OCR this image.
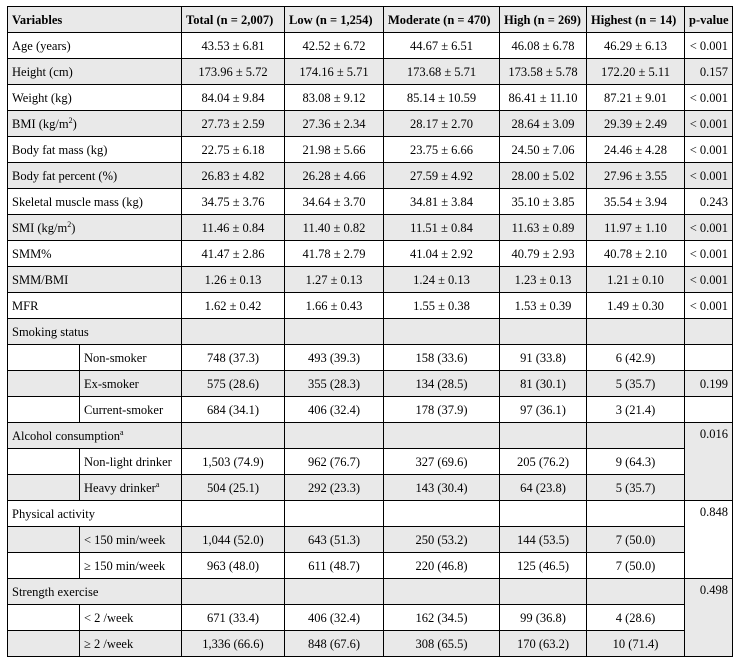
Variables		Total (n = 2,007)	Low (n = 1,254)	Moderate (n = 470)	High (n = 269)	Highest (n = 14)	p-value
Age (years)		43.53 ± 6.81	42.52 ± 6.72	44.67 ± 6.51	46.08 ± 6.78	46.29 ± 6.13	< 0.001
Height (cm)		173.96 ± 5.72	174.16 ± 5.71	173.68 ± 5.71	173.58 ± 5.78	172.20 ± 5.11	0.157
Weight (kg)		84.04 ± 9.84	83.08 ± 9.12	85.14 ± 10.59	86.41 ± 11.10	87.21 ± 9.01	< 0.001
BMI $(kg/m^2)$		27.73 ± 2.59	27.36 ± 2.34	28.17 ± 2.70	28.64 ± 3.09	29.39 ± 2.49	< 0.001
Body fat mass (kg)		22.75 ± 6.18	21.98 ± 5.66	23.75 ± 6.66	24.50 ± 7.06	24.46 ± 4.28	< 0.001
Body fat percent (%)		26.83 ± 4.82	26.28 ± 4.66	27.59 ± 4.92	28.00 ± 5.02	27.96 ± 3.55	< 0.001
Skeletal muscle mass (kg)		34.75 ± 3.76	34.64 ± 3.70	34.81 ± 3.84	35.10 ± 3.85	35.54 ± 3.94	0.243
SMI $(kg/m^2)$		11.46 ± 0.84	11.40 ± 0.82	11.51 ± 0.84	11.63 ± 0.89	11.97 ± 1.10	< 0.001
SMM%		41.47 ± 2.86	41.78 ± 2.79	41.04 ± 2.92	40.79 ± 2.93	40.78 ± 2.10	< 0.001
SMM/BMI		1.26 ± 0.13	1.27 ± 0.13	1.24 ± 0.13	1.23 ± 0.13	1.21 ± 0.10	< 0.001
MFR		1.62 ± 0.42	1.66 ± 0.43	1.55 ± 0.38	1.53 ± 0.39	1.49 ± 0.30	< 0.001
Smoking status							
	Non-smoker	748 (37.3)	493 (39.3)	158 (33.6)	91 (33.8)	6 (42.9)	
	Ex-smoker	575 (28.6)	355 (28.3)	134 (28.5)	81 (30.1)	5 (35.7)	0.199
	Current-smoker	684 (34.1)	406 (32.4)	178 (37.9)	97 (36.1)	3 (21.4)	
Alcohol consumption$^a$							0.016
	Non-light drinker	1,503 (74.9)	962 (76.7)	327 (69.6)	205 (76.2)	9 (64.3)	
	Heavy drinker$^a$	504 (25.1)	292 (23.3)	143 (30.4)	64 (23.8)	5 (35.7)	
Physical activity							0.848
	< 150 min/week	1,044 (52.0)	643 (51.3)	250 (53.2)	144 (53.5)	7 (50.0)	
	≥ 150 min/week	963 (48.0)	611 (48.7)	220 (46.8)	125 (46.5)	7 (50.0)	
Strength exercise							0.498
	< 2 /week	671 (33.4)	406 (32.4)	162 (34.5)	99 (36.8)	4 (28.6)	
	≥ 2 /week	1,336 (66.6)	848 (67.6)	308 (65.5)	170 (63.2)	10 (71.4)	
